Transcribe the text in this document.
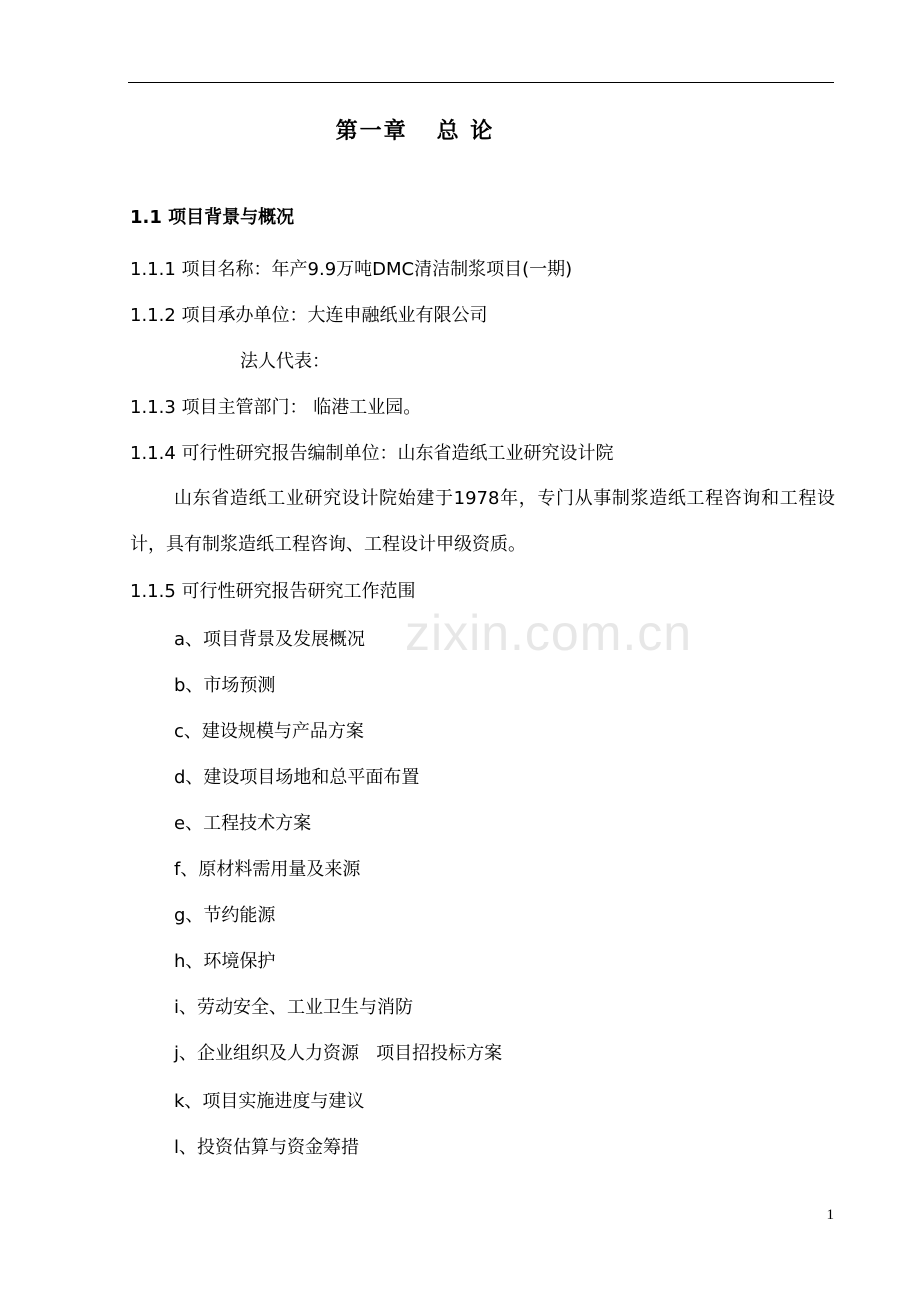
第一章   总 论
1.1 项目背景与概况
1.1.1 项目名称：年产9.9万吨DMC清洁制浆项目(一期)
1.1.2 项目承办单位：大连申融纸业有限公司
法人代表：
1.1.3 项目主管部门： 临港工业园。
1.1.4 可行性研究报告编制单位：山东省造纸工业研究设计院
山东省造纸工业研究设计院始建于1978年，专门从事制浆造纸工程咨询和工程设计，具有制浆造纸工程咨询、工程设计甲级资质。
1.1.5 可行性研究报告研究工作范围
a、项目背景及发展概况
b、市场预测
c、建设规模与产品方案
d、建设项目场地和总平面布置
e、工程技术方案
f、原材料需用量及来源
g、节约能源
h、环境保护
i、劳动安全、工业卫生与消防
j、企业组织及人力资源   项目招投标方案
k、项目实施进度与建议
l、投资估算与资金筹措
zixin.com.cn
1
